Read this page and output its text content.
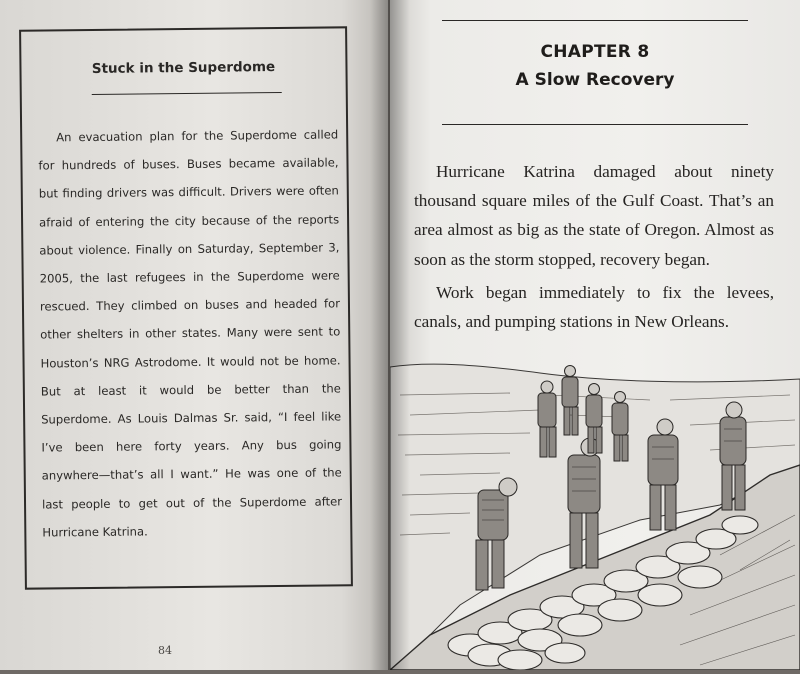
Stuck in the Superdome

An evacuation plan for the Superdome called for hundreds of buses. Buses became available, but finding drivers was difficult. Drivers were often afraid of entering the city because of the reports about violence. Finally on Saturday, September 3, 2005, the last refugees in the Superdome were rescued. They climbed on buses and headed for other shelters in other states. Many were sent to Houston’s NRG Astrodome. It would not be home. But at least it would be better than the Superdome. As Louis Dalmas Sr. said, “I feel like I’ve been here forty years. Any bus going anywhere—that’s all I want.” He was one of the last people to get out of the Superdome after Hurricane Katrina.

84
CHAPTER 8
A Slow Recovery

Hurricane Katrina damaged about ninety thousand square miles of the Gulf Coast. That’s an area almost as big as the state of Oregon. Almost as soon as the storm stopped, recovery began.

Work began immediately to fix the levees, canals, and pumping stations in New Orleans.
